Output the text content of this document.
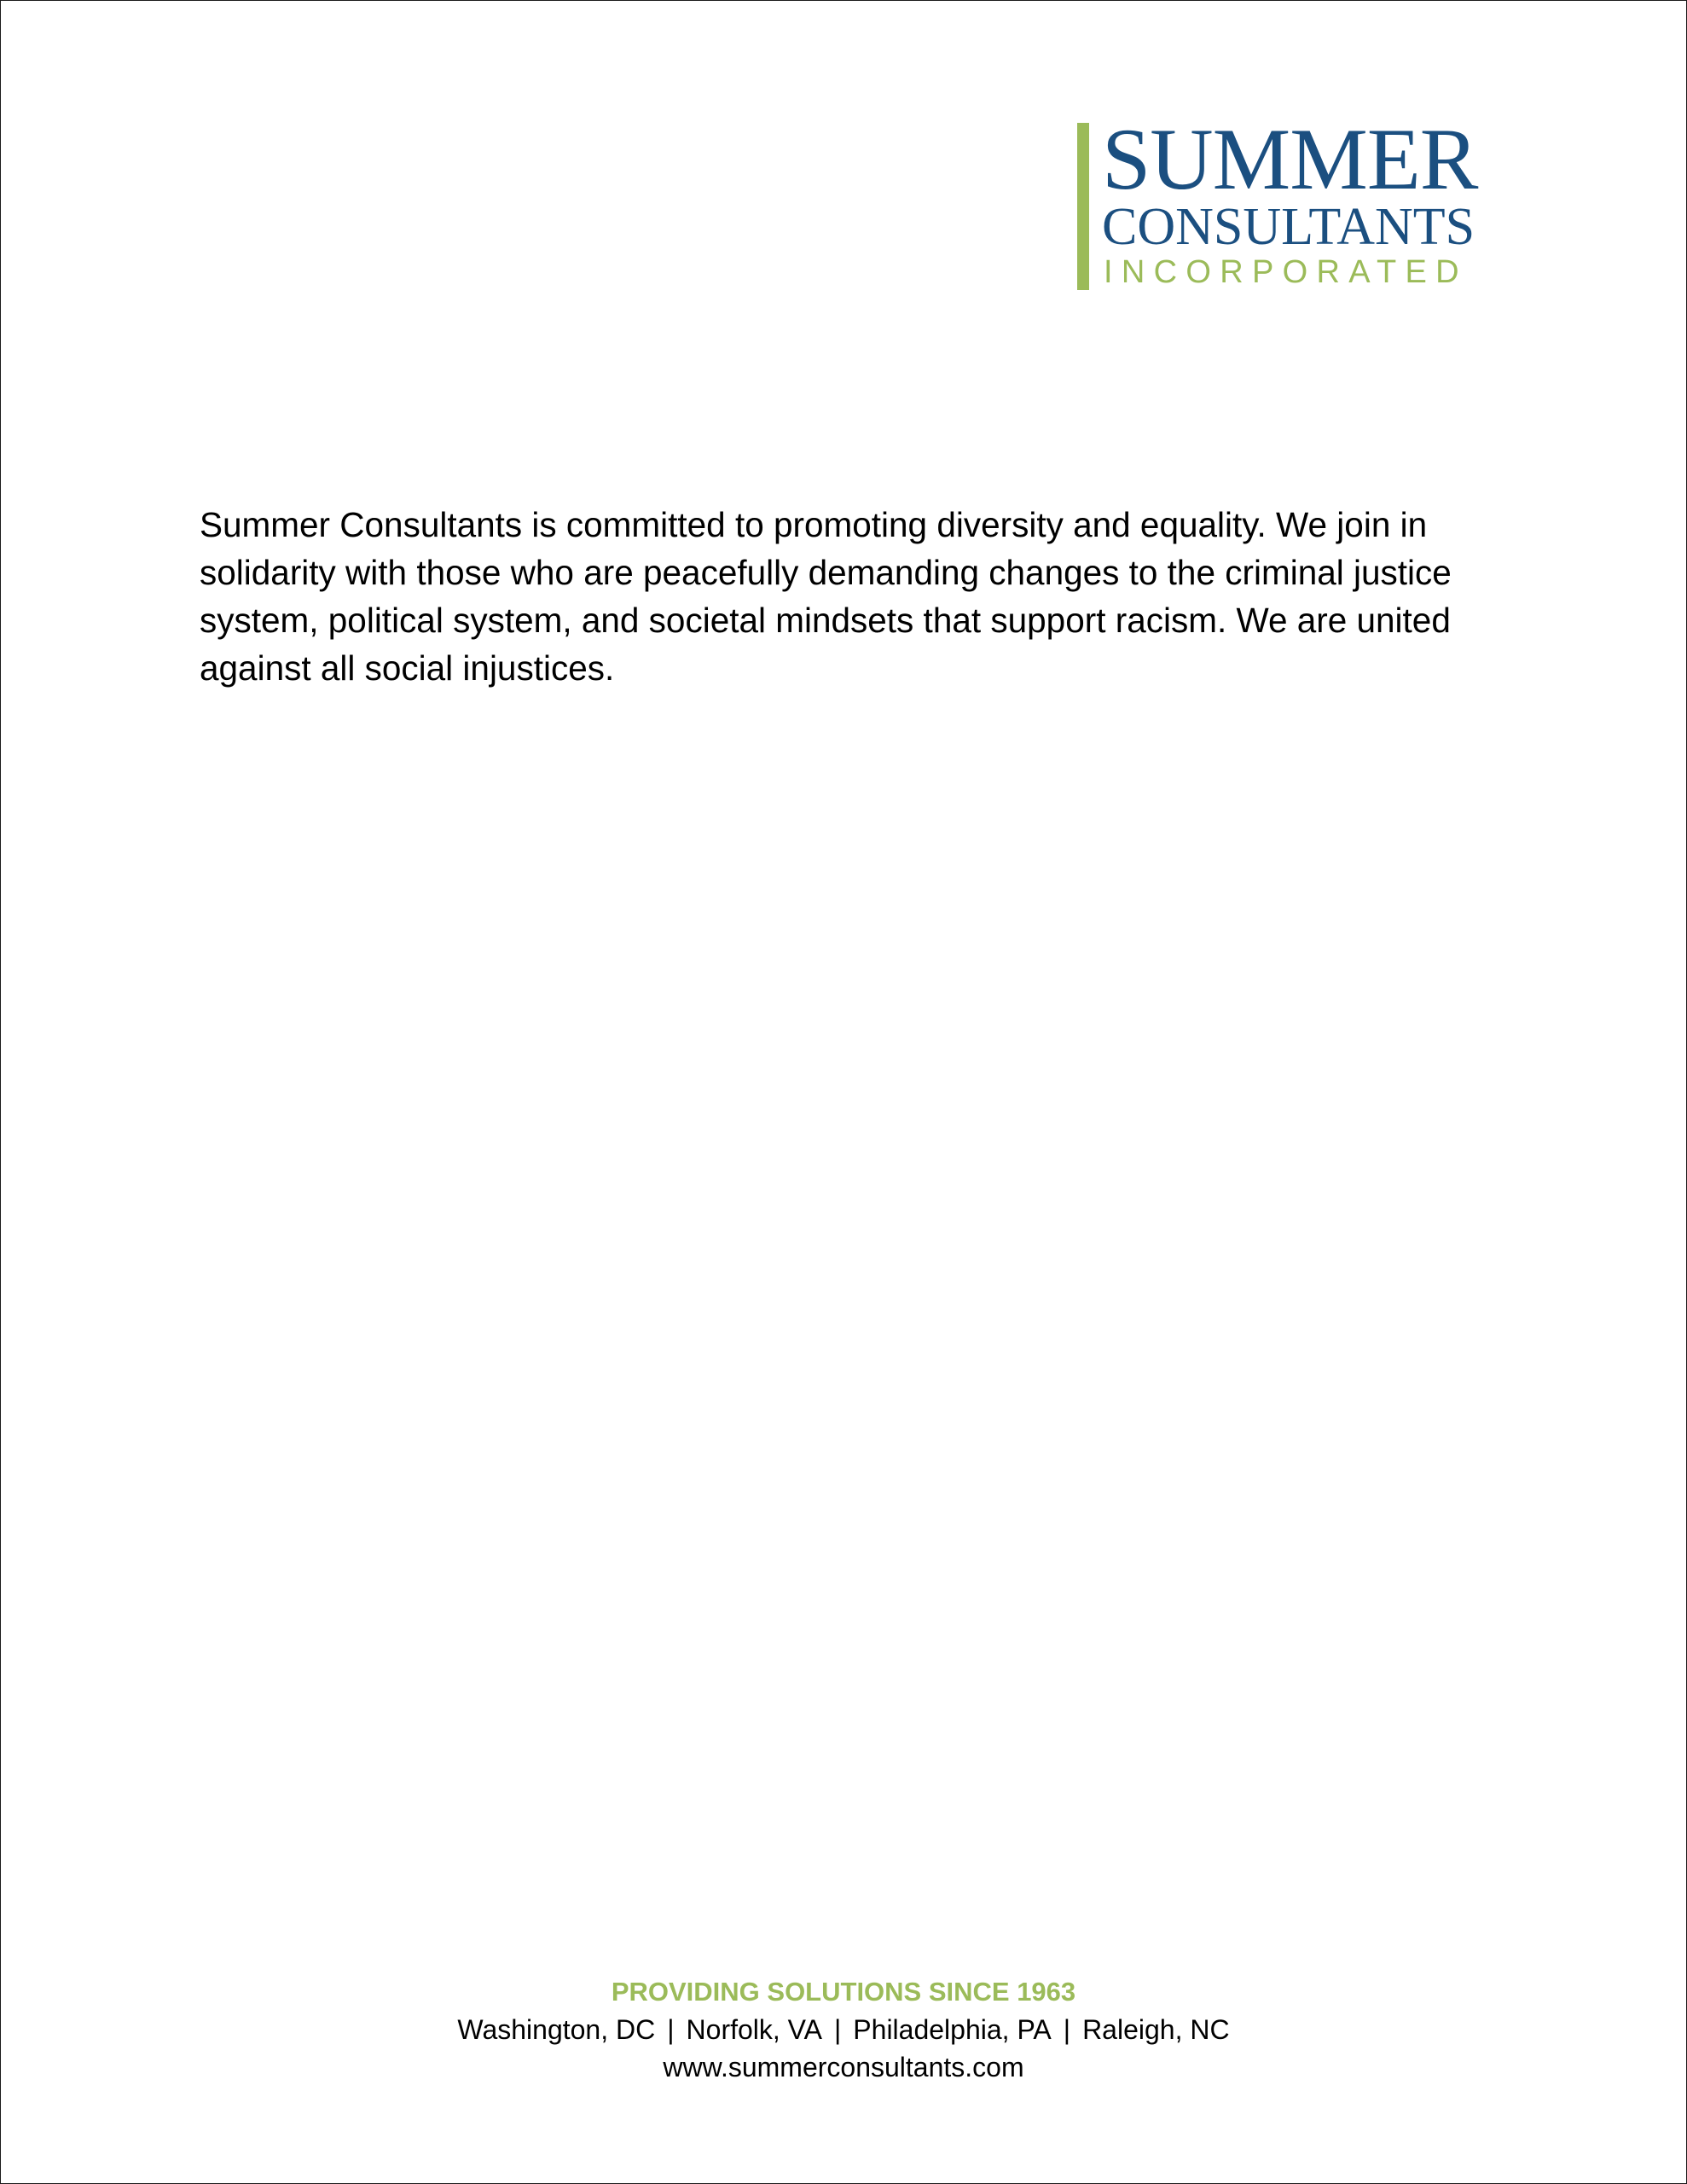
SUMMER
CONSULTANTS
INCORPORATED

Summer Consultants is committed to promoting diversity and equality. We join in solidarity with those who are peacefully demanding changes to the criminal justice system, political system, and societal mindsets that support racism. We are united against all social injustices.

PROVIDING SOLUTIONS SINCE 1963
Washington, DC | Norfolk, VA | Philadelphia, PA | Raleigh, NC
www.summerconsultants.com
